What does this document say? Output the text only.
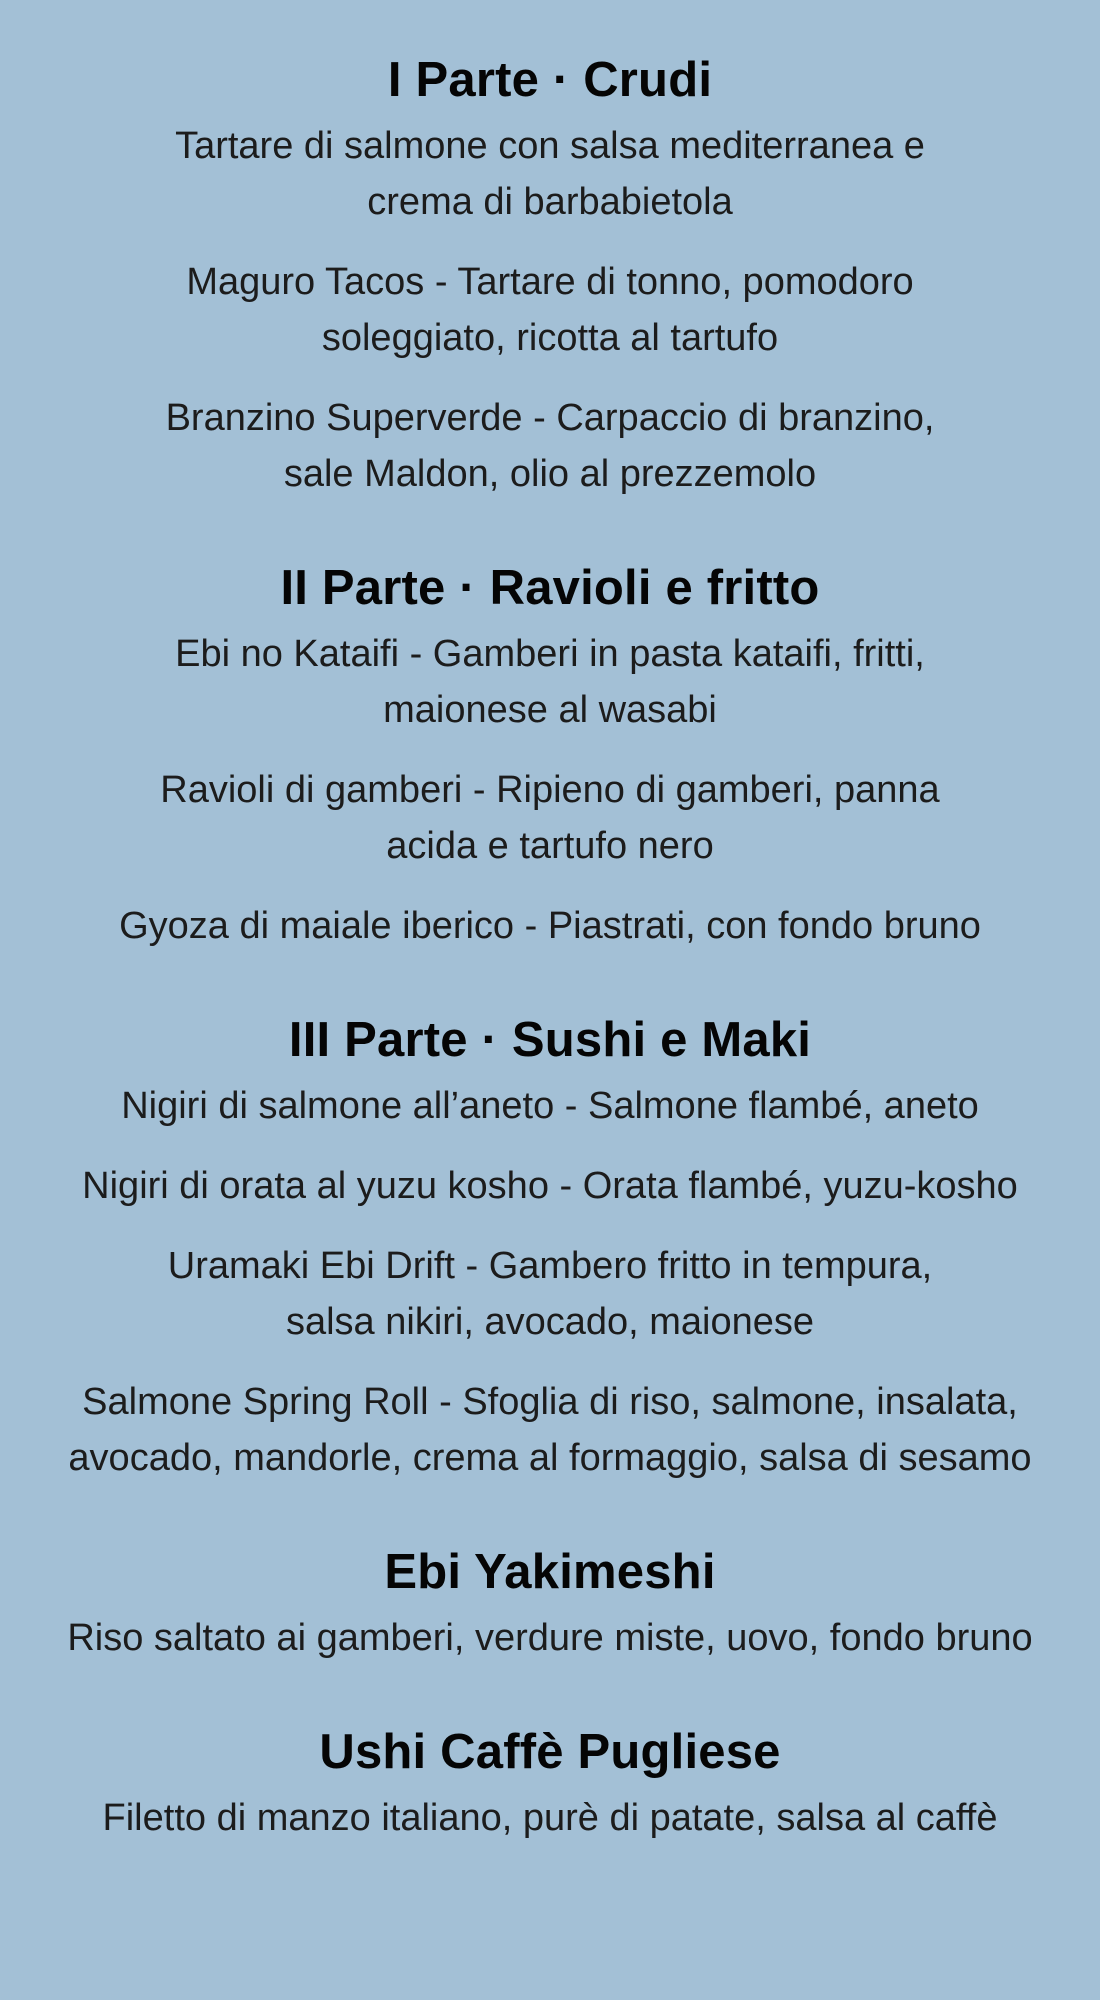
I Parte · Crudi
Tartare di salmone con salsa mediterranea e
crema di barbabietola
Maguro Tacos - Tartare di tonno, pomodoro
soleggiato, ricotta al tartufo
Branzino Superverde - Carpaccio di branzino,
sale Maldon, olio al prezzemolo
II Parte · Ravioli e fritto
Ebi no Kataifi - Gamberi in pasta kataifi, fritti,
maionese al wasabi
Ravioli di gamberi - Ripieno di gamberi, panna
acida e tartufo nero
Gyoza di maiale iberico - Piastrati, con fondo bruno
III Parte · Sushi e Maki
Nigiri di salmone all’aneto - Salmone flambé, aneto
Nigiri di orata al yuzu kosho - Orata flambé, yuzu-kosho
Uramaki Ebi Drift - Gambero fritto in tempura,
salsa nikiri, avocado, maionese
Salmone Spring Roll - Sfoglia di riso, salmone, insalata,
avocado, mandorle, crema al formaggio, salsa di sesamo
Ebi Yakimeshi
Riso saltato ai gamberi, verdure miste, uovo, fondo bruno
Ushi Caffè Pugliese
Filetto di manzo italiano, purè di patate, salsa al caffè
